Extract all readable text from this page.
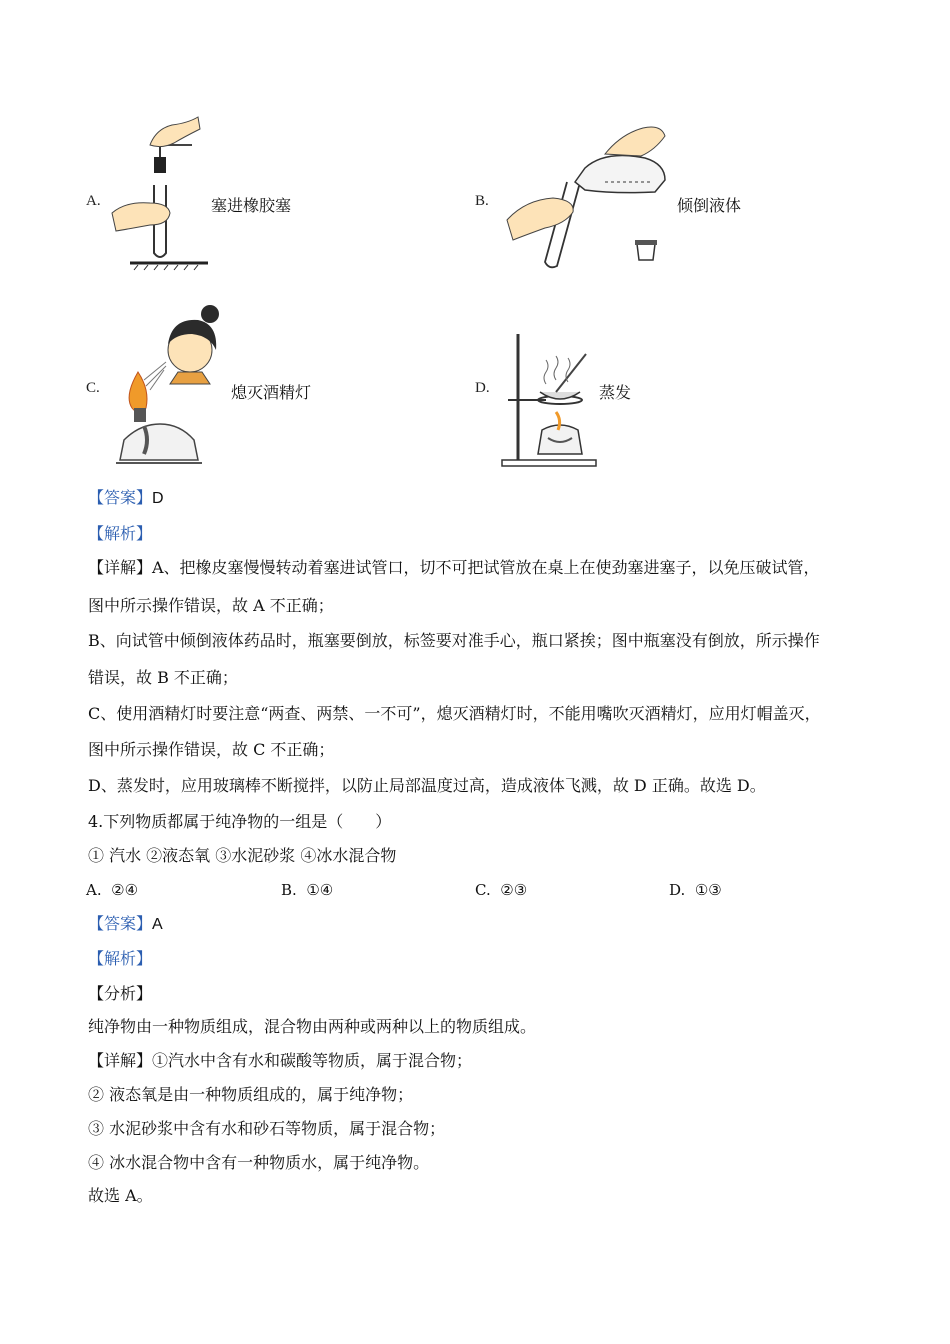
A.	塞进橡胶塞	B.	倾倒液体
C.	熄灭酒精灯	D.	蒸发
【答案】D
【解析】
【详解】A、把橡皮塞慢慢转动着塞进试管口，切不可把试管放在桌上在使劲塞进塞子，以免压破试管，
图中所示操作错误，故 A 不正确；
B、向试管中倾倒液体药品时，瓶塞要倒放，标签要对准手心，瓶口紧挨；图中瓶塞没有倒放，所示操作
错误，故 B 不正确；
C、使用酒精灯时要注意“两查、两禁、一不可”，熄灭酒精灯时，不能用嘴吹灭酒精灯，应用灯帽盖灭，
图中所示操作错误，故 C 不正确；
D、蒸发时，应用玻璃棒不断搅拌，以防止局部温度过高，造成液体飞溅，故 D 正确。故选 D。
4.下列物质都属于纯净物的一组是（　　）
① 汽水 ②液态氧 ③水泥砂浆 ④冰水混合物
A. ②④	B. ①④	C. ②③	D. ①③
【答案】A
【解析】
【分析】
纯净物由一种物质组成，混合物由两种或两种以上的物质组成。
【详解】①汽水中含有水和碳酸等物质，属于混合物；
② 液态氧是由一种物质组成的，属于纯净物；
③ 水泥砂浆中含有水和砂石等物质，属于混合物；
④ 冰水混合物中含有一种物质水，属于纯净物。
故选 A。
